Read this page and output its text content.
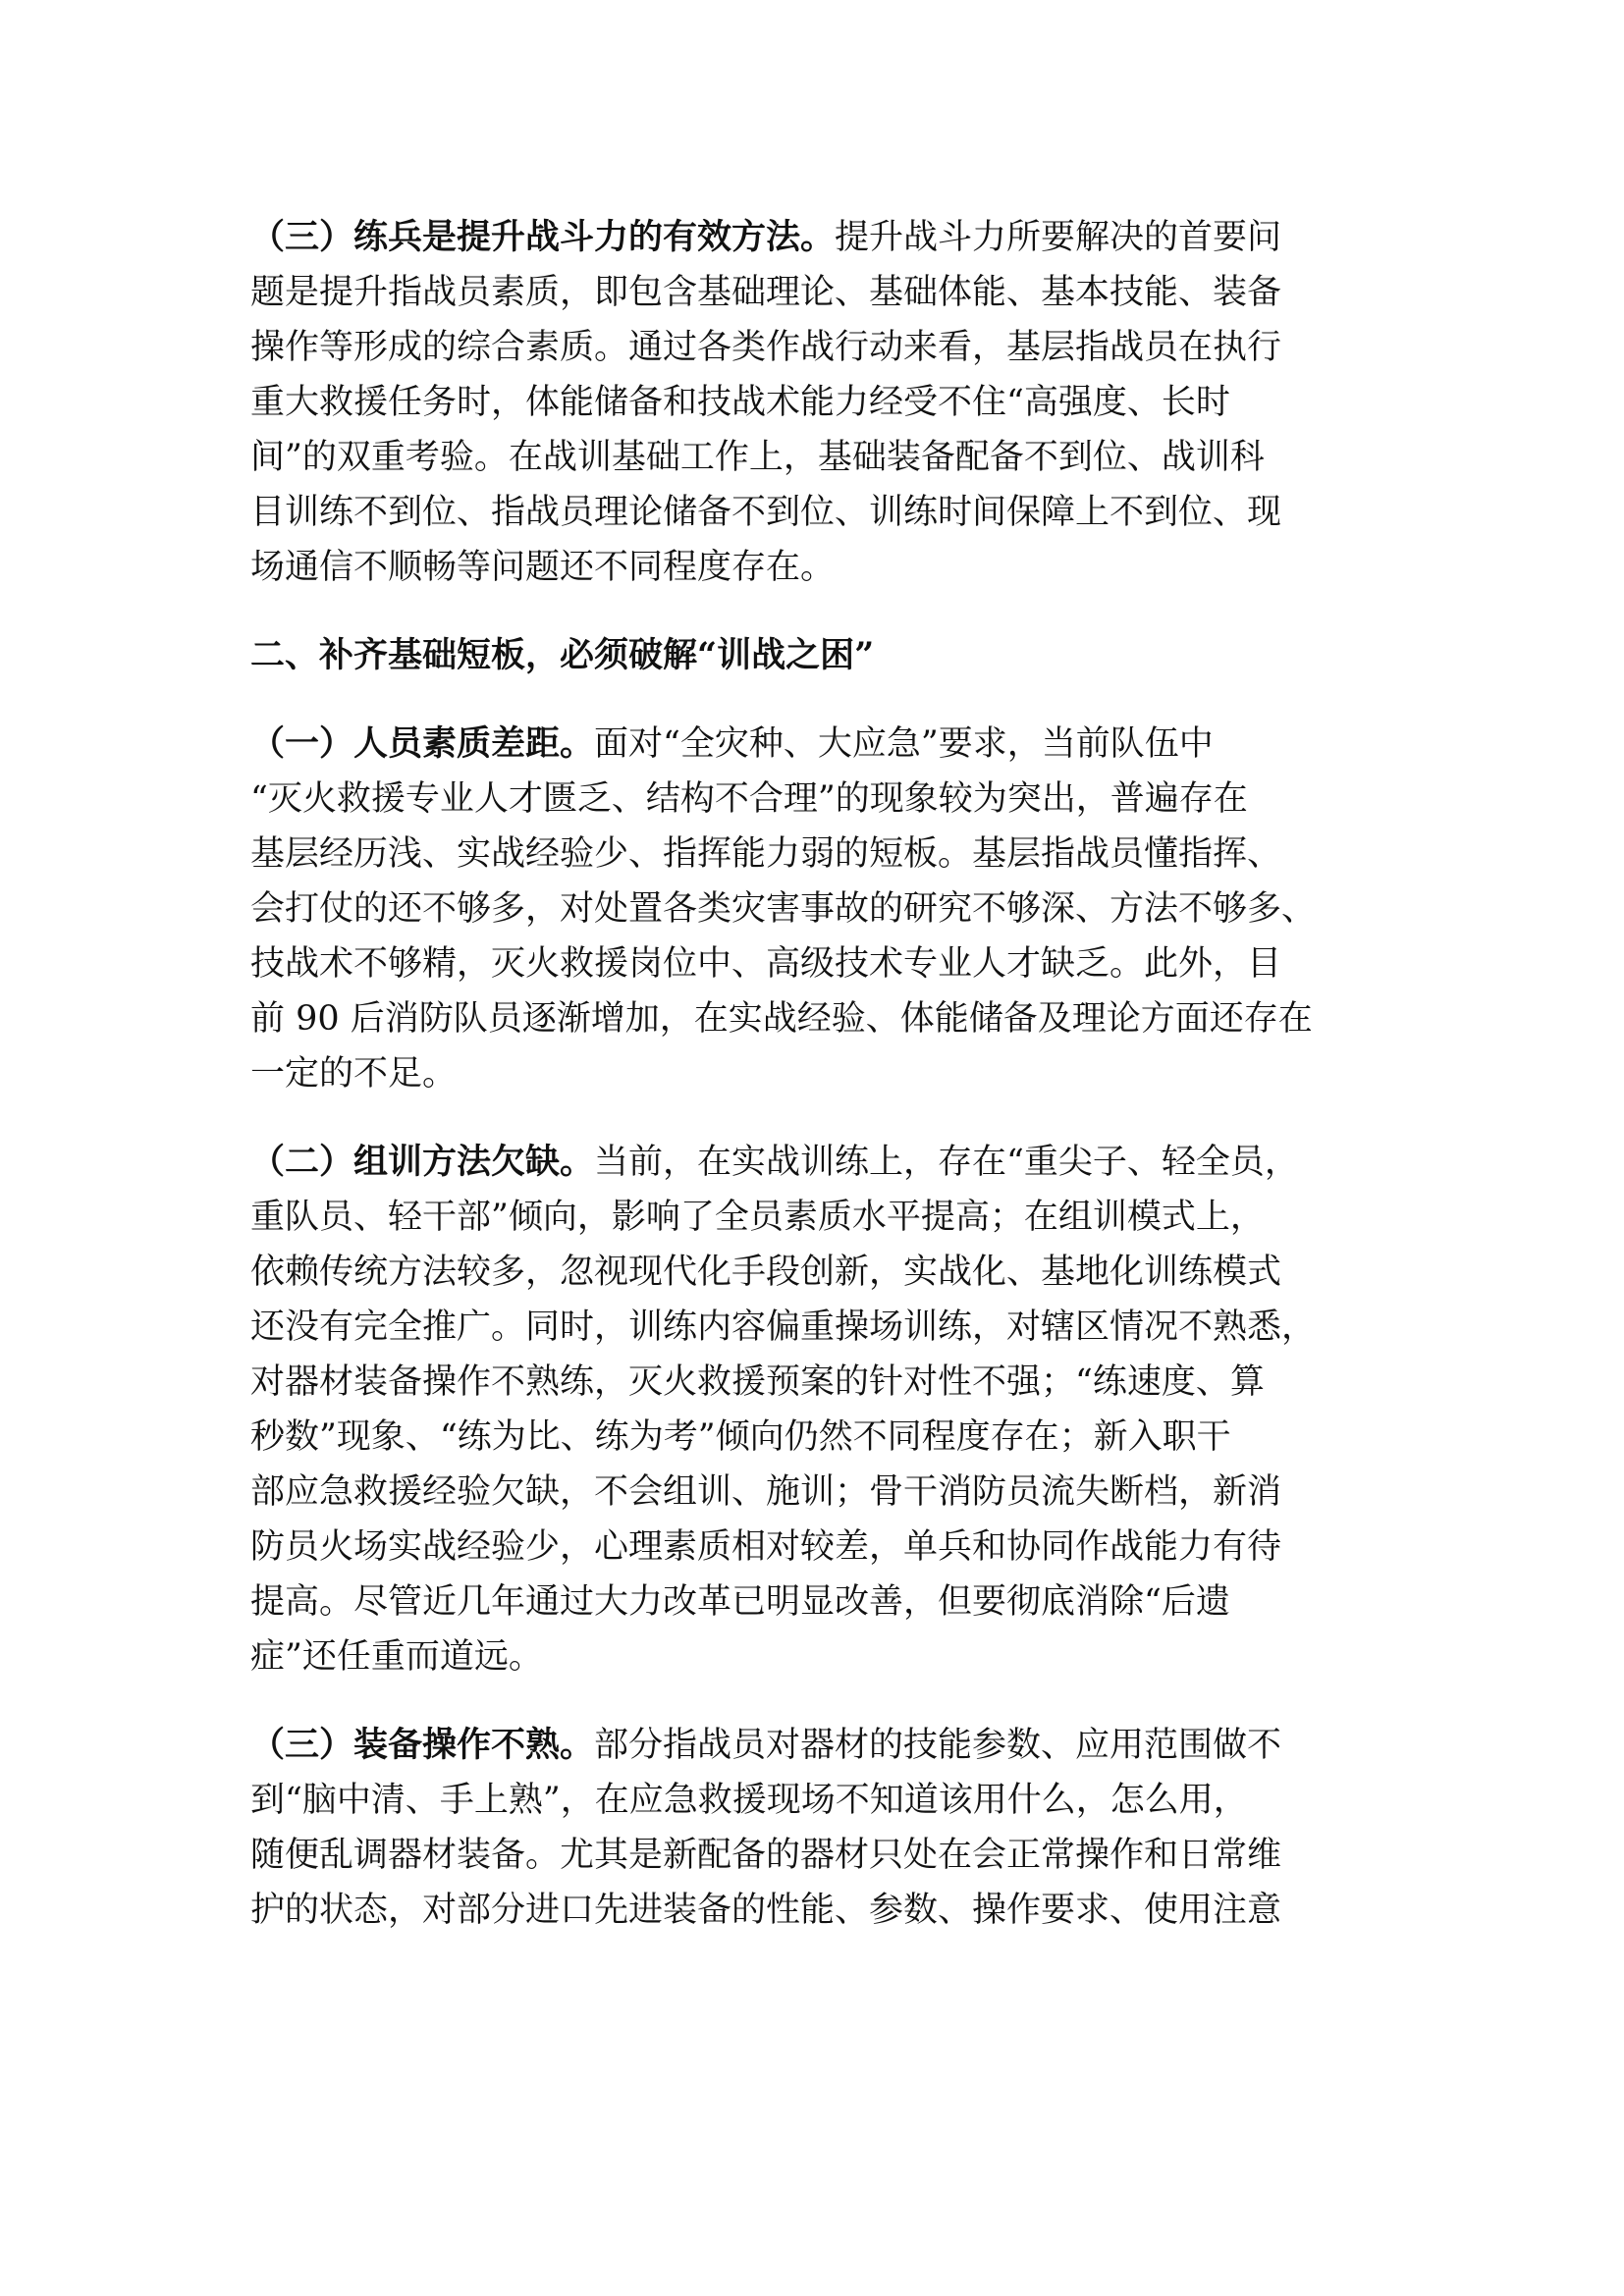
（三）练兵是提升战斗力的有效方法。提升战斗力所要解决的首要问
题是提升指战员素质，即包含基础理论、基础体能、基本技能、装备
操作等形成的综合素质。通过各类作战行动来看，基层指战员在执行
重大救援任务时，体能储备和技战术能力经受不住“高强度、长时
间”的双重考验。在战训基础工作上，基础装备配备不到位、战训科
目训练不到位、指战员理论储备不到位、训练时间保障上不到位、现
场通信不顺畅等问题还不同程度存在。

二、补齐基础短板，必须破解“训战之困”

（一）人员素质差距。面对“全灾种、大应急”要求，当前队伍中
“灭火救援专业人才匮乏、结构不合理”的现象较为突出，普遍存在
基层经历浅、实战经验少、指挥能力弱的短板。基层指战员懂指挥、
会打仗的还不够多，对处置各类灾害事故的研究不够深、方法不够多、
技战术不够精，灭火救援岗位中、高级技术专业人才缺乏。此外，目
前 90 后消防队员逐渐增加，在实战经验、体能储备及理论方面还存在
一定的不足。

（二）组训方法欠缺。当前，在实战训练上，存在“重尖子、轻全员，
重队员、轻干部”倾向，影响了全员素质水平提高；在组训模式上，
依赖传统方法较多，忽视现代化手段创新，实战化、基地化训练模式
还没有完全推广。同时，训练内容偏重操场训练，对辖区情况不熟悉，
对器材装备操作不熟练，灭火救援预案的针对性不强；“练速度、算
秒数”现象、“练为比、练为考”倾向仍然不同程度存在；新入职干
部应急救援经验欠缺，不会组训、施训；骨干消防员流失断档，新消
防员火场实战经验少，心理素质相对较差，单兵和协同作战能力有待
提高。尽管近几年通过大力改革已明显改善，但要彻底消除“后遗
症”还任重而道远。

（三）装备操作不熟。部分指战员对器材的技能参数、应用范围做不
到“脑中清、手上熟”，在应急救援现场不知道该用什么，怎么用，
随便乱调器材装备。尤其是新配备的器材只处在会正常操作和日常维
护的状态，对部分进口先进装备的性能、参数、操作要求、使用注意
